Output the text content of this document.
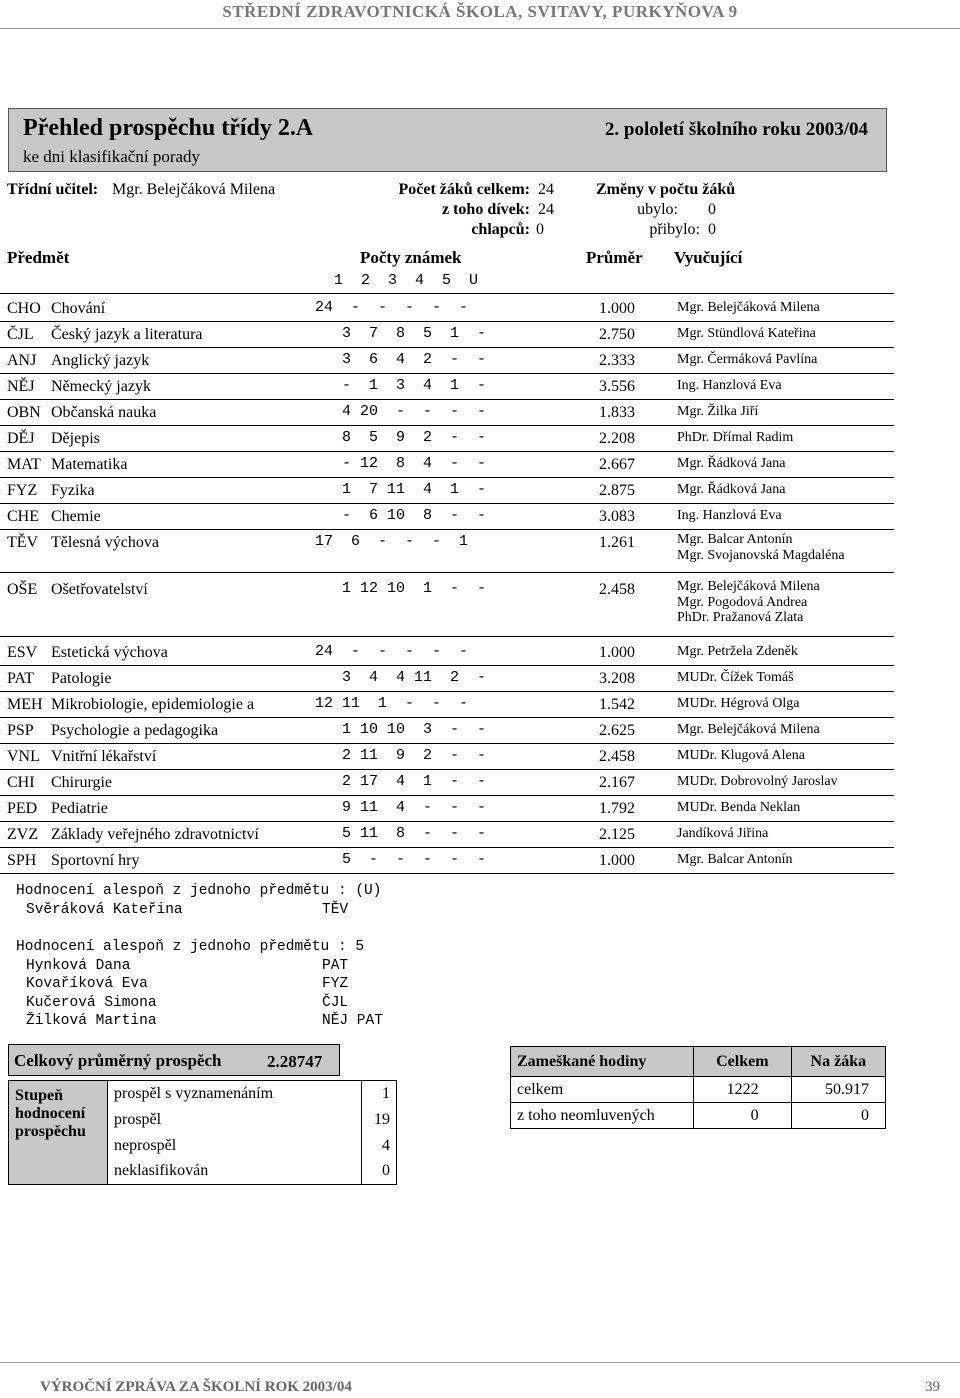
STŘEDNÍ ZDRAVOTNICKÁ ŠKOLA, SVITAVY, PURKYŇOVA 9
Přehled prospěchu třídy 2.A
ke dni klasifikační porady
2. pololetí školního roku 2003/04
Třídní učitel: Mgr. Belejčáková Milena	Počet žáků celkem: 24
z toho dívek: 24
chlapců: 0
Změny v počtu žáků
ubylo: 0
přibylo: 0
Předmět	Počty známek	Průměr Vyučující
1  2  3  4  5  U
CHO Chování	24  -  -  -  -  -	1.000	Mgr. Belejčáková Milena
ČJL Český jazyk a literatura	3  7  8  5  1  -	2.750	Mgr. Stündlová Kateřina
ANJ Anglický jazyk	3  6  4  2  -  -	2.333	Mgr. Čermáková Pavlína
NĚJ Německý jazyk	-  1  3  4  1  -	3.556	Ing. Hanzlová Eva
OBN Občanská nauka	4 20  -  -  -  -	1.833	Mgr. Žilka Jiří
DĚJ Dějepis	8  5  9  2  -  -	2.208	PhDr. Dřímal Radim
MAT Matematika	- 12  8  4  -  -	2.667	Mgr. Řádková Jana
FYZ Fyzika	1  7 11  4  1  -	2.875	Mgr. Řádková Jana
CHE Chemie	-  6 10  8  -  -	3.083	Ing. Hanzlová Eva
TĚV Tělesná výchova	17  6  -  -  -  1	1.261	Mgr. Balcar Antonín
Mgr. Svojanovská Magdaléna
OŠE Ošetřovatelství	1 12 10  1  -  -	2.458	Mgr. Belejčáková Milena
Mgr. Pogodová Andrea
PhDr. Pražanová Zlata
ESV Estetická výchova	24  -  -  -  -  -	1.000	Mgr. Petržela Zdeněk
PAT Patologie	3  4  4 11  2  -	3.208	MUDr. Čížek Tomáš
MEH Mikrobiologie, epidemiologie a	12 11  1  -  -  -	1.542	MUDr. Hégrová Olga
PSP Psychologie a pedagogika	1 10 10  3  -  -	2.625	Mgr. Belejčáková Milena
VNL Vnitřní lékařství	2 11  9  2  -  -	2.458	MUDr. Klugová Alena
CHI Chirurgie	2 17  4  1  -  -	2.167	MUDr. Dobrovolný Jaroslav
PED Pediatrie	9 11  4  -  -  -	1.792	MUDr. Benda Neklan
ZVZ Základy veřejného zdravotnictví	5 11  8  -  -  -	2.125	Jandíková Jiřina
SPH Sportovní hry	5  -  -  -  -  -	1.000	Mgr. Balcar Antonín
Hodnocení alespoň z jednoho předmětu : (U)
Svěráková Kateřina	TĚV
Hodnocení alespoň z jednoho předmětu : 5
Hynková Dana	PAT
Kovaříková Eva	FYZ
Kučerová Simona	ČJL
Žilková Martina	NĚJ PAT
Celkový průměrný prospěch	2.28747
Stupeň hodnocení prospěchu	prospěl s vyznamenáním	1
	prospěl	19
	neprospěl	4
	neklasifikován	0
Zameškané hodiny	Celkem	Na žáka
celkem	1222	50.917
z toho neomluvených	0	0
VÝROČNÍ ZPRÁVA ZA ŠKOLNÍ ROK 2003/04	39
